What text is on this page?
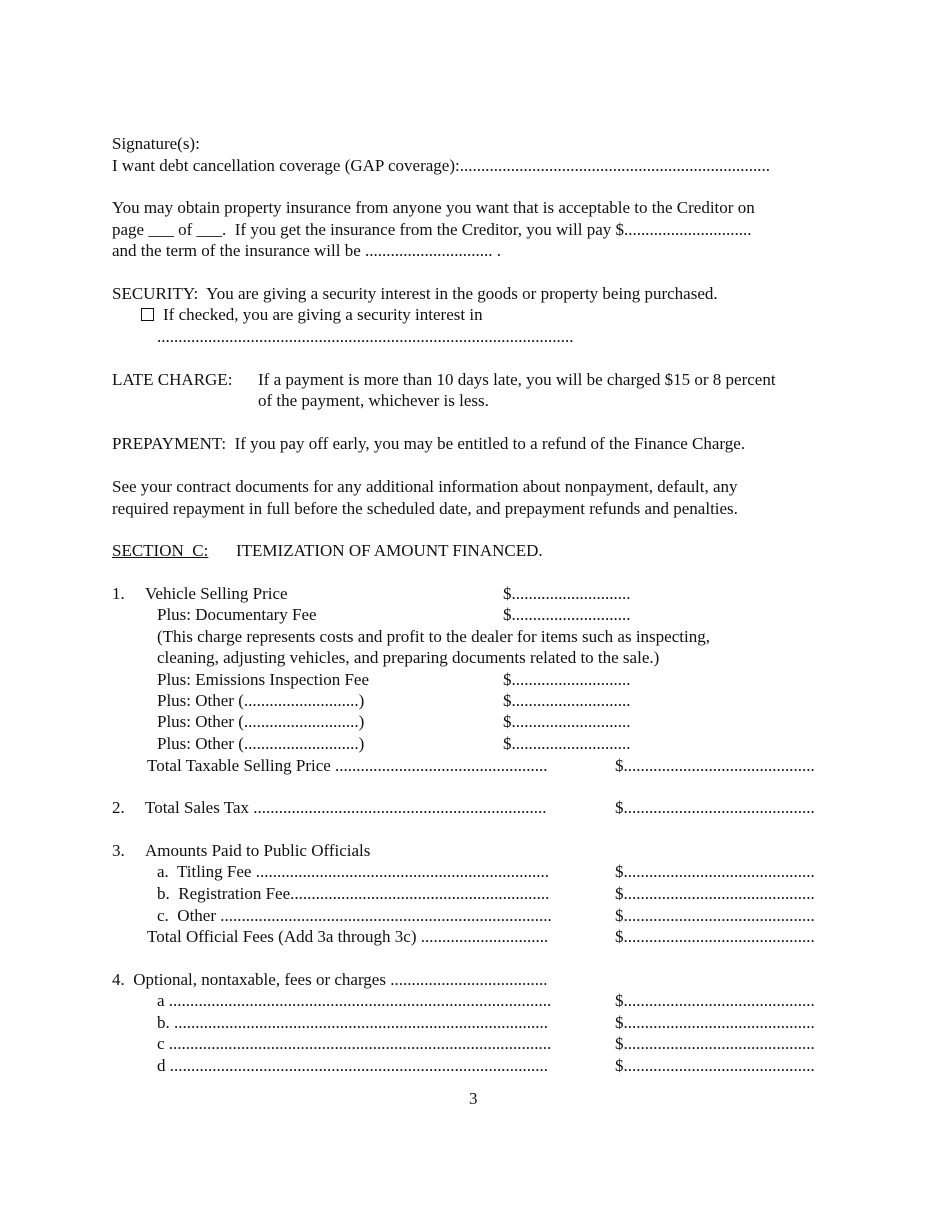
Signature(s):
I want debt cancellation coverage (GAP coverage):.........................................................................
You may obtain property insurance from anyone you want that is acceptable to the Creditor on
page ___ of ___.  If you get the insurance from the Creditor, you will pay $..............................
and the term of the insurance will be .............................. .
SECURITY:  You are giving a security interest in the goods or property being purchased.
If checked, you are giving a security interest in
..................................................................................................
LATE CHARGE: If a payment is more than 10 days late, you will be charged $15 or 8 percent
of the payment, whichever is less.
PREPAYMENT:  If you pay off early, you may be entitled to a refund of the Finance Charge.
See your contract documents for any additional information about nonpayment, default, any
required repayment in full before the scheduled date, and prepayment refunds and penalties.
SECTION  C: ITEMIZATION OF AMOUNT FINANCED.
1. Vehicle Selling Price	$............................
Plus: Documentary Fee	$............................
(This charge represents costs and profit to the dealer for items such as inspecting,
cleaning, adjusting vehicles, and preparing documents related to the sale.)
Plus: Emissions Inspection Fee	$............................
Plus: Other (...........................)	$............................
Plus: Other (...........................)	$............................
Plus: Other (...........................)	$............................
Total Taxable Selling Price ..................................................	$.............................................
2. Total Sales Tax .....................................................................	$.............................................
3. Amounts Paid to Public Officials
a.  Titling Fee .....................................................................	$.............................................
b.  Registration Fee.............................................................	$.............................................
c.  Other ..............................................................................	$.............................................
Total Official Fees (Add 3a through 3c) ..............................	$.............................................
4.  Optional, nontaxable, fees or charges .....................................
a ..........................................................................................	$.............................................
b. ........................................................................................	$.............................................
c ..........................................................................................	$.............................................
d .........................................................................................	$.............................................
3
